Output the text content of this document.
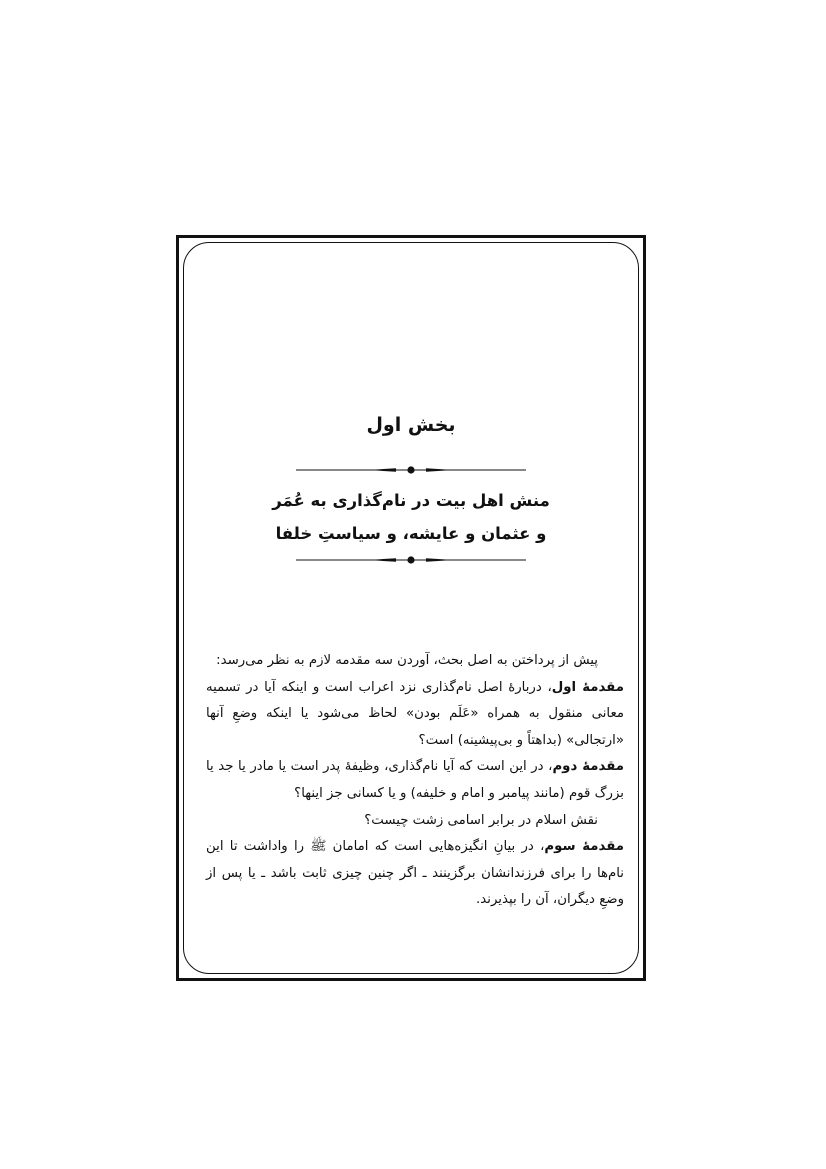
بخش اول
منش اهل بیت در نام‌گذاری به عُمَر
و عثمان و عایشه، و سیاستِ خلفا

پیش از پرداختن به اصل بحث، آوردن سه مقدمه لازم به نظر می‌رسد:

مقدمهٔ اول، دربارهٔ اصل نام‌گذاری نزد اعراب است و اینکه آیا در تسمیه معانی منقول به همراه «عَلَم بودن» لحاظ می‌شود یا اینکه وضعِ آنها «ارتجالی» (بداهتاً و بی‌پیشینه) است؟

مقدمهٔ دوم، در این است که آیا نام‌گذاری، وظیفهٔ پدر است یا مادر یا جد یا بزرگ قوم (مانند پیامبر و امام و خلیفه) و یا کسانی جز اینها؟

نقش اسلام در برابر اسامی زشت چیست؟

مقدمهٔ سوم، در بیانِ انگیزه‌هایی است که امامان ﷺ را واداشت تا این نام‌ها را برای فرزندانشان برگزینند ـ اگر چنین چیزی ثابت باشد ـ یا پس از وضعِ دیگران، آن را بپذیرند.
